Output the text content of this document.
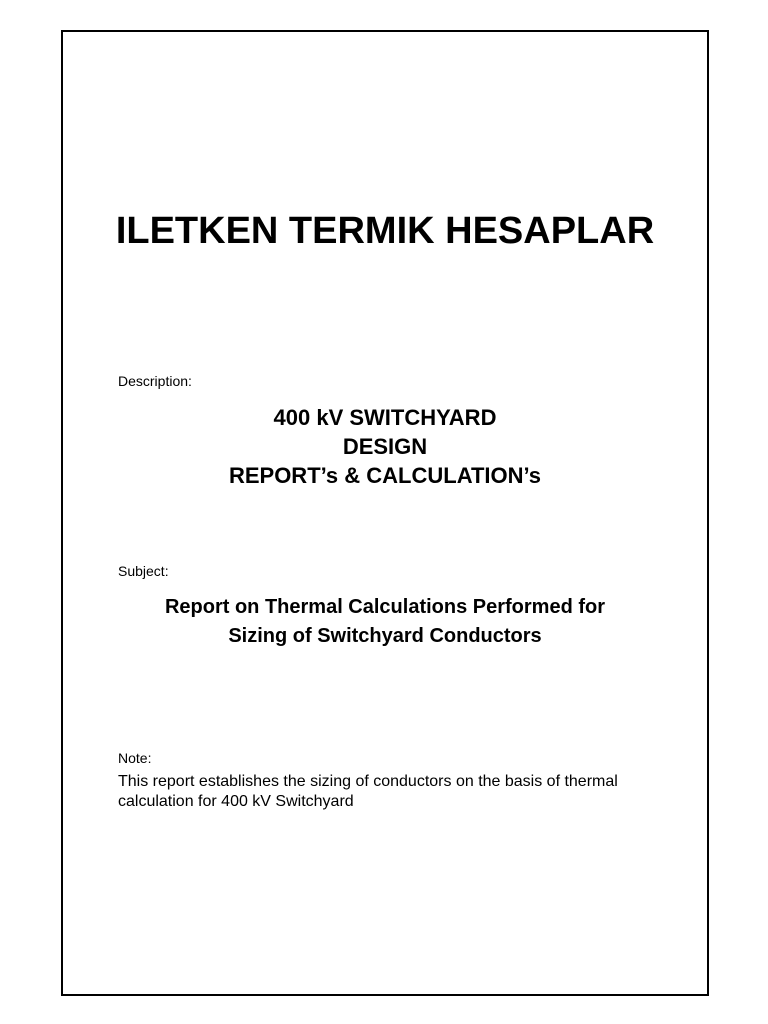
ILETKEN TERMIK HESAPLAR
Description:
400 kV SWITCHYARD
DESIGN
REPORT’s & CALCULATION’s
Subject:
Report on Thermal Calculations Performed for
Sizing of Switchyard Conductors
Note:
This report establishes the sizing of conductors on the basis of thermal
calculation for 400 kV Switchyard
